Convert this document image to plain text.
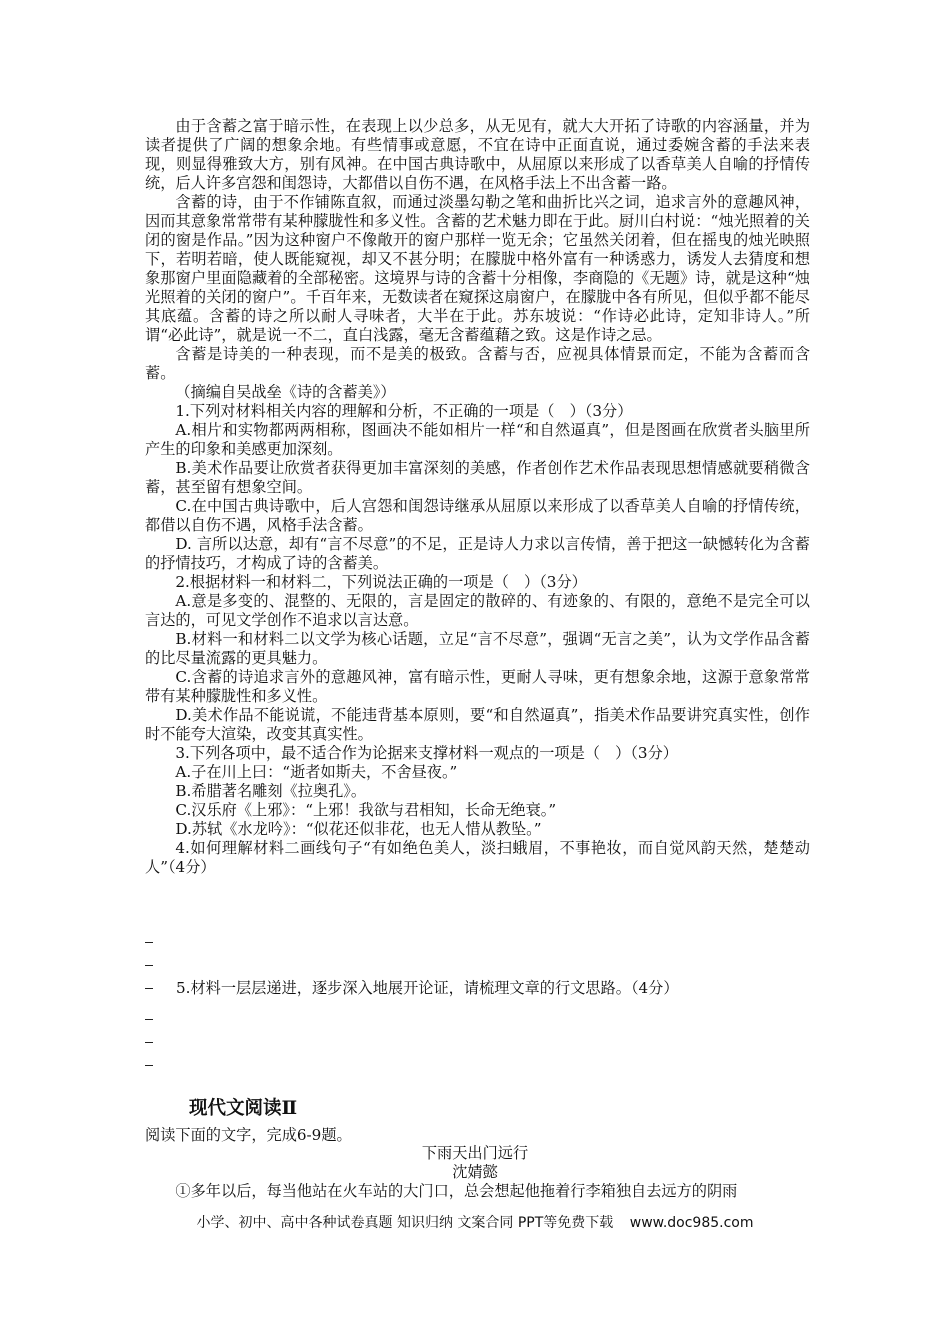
由于含蓄之富于暗示性，在表现上以少总多，从无见有，就大大开拓了诗歌的内容涵量，并为读者提供了广阔的想象余地。有些情事或意愿，不宜在诗中正面直说，通过委婉含蓄的手法来表现，则显得雅致大方，别有风神。在中国古典诗歌中，从屈原以来形成了以香草美人自喻的抒情传统，后人许多宫怨和闺怨诗，大都借以自伤不遇，在风格手法上不出含蓄一路。

含蓄的诗，由于不作铺陈直叙，而通过淡墨勾勒之笔和曲折比兴之词，追求言外的意趣风神，因而其意象常常带有某种朦胧性和多义性。含蓄的艺术魅力即在于此。厨川白村说：“烛光照着的关闭的窗是作品。”因为这种窗户不像敞开的窗户那样一览无余；它虽然关闭着，但在摇曳的烛光映照下，若明若暗，使人既能窥视，却又不甚分明；在朦胧中格外富有一种诱惑力，诱发人去猜度和想象那窗户里面隐藏着的全部秘密。这境界与诗的含蓄十分相像，李商隐的《无题》诗，就是这种“烛光照着的关闭的窗户”。千百年来，无数读者在窥探这扇窗户，在朦胧中各有所见，但似乎都不能尽其底蕴。含蓄的诗之所以耐人寻味者，大半在于此。苏东坡说：“作诗必此诗，定知非诗人。”所谓“必此诗”，就是说一不二，直白浅露，毫无含蓄蕴藉之致。这是作诗之忌。

含蓄是诗美的一种表现，而不是美的极致。含蓄与否，应视具体情景而定，不能为含蓄而含蓄。

（摘编自吴战垒《诗的含蓄美》）

1.下列对材料相关内容的理解和分析，不正确的一项是（　）（3分）

A.相片和实物都两两相称，图画决不能如相片一样“和自然逼真”，但是图画在欣赏者头脑里所产生的印象和美感更加深刻。

B.美术作品要让欣赏者获得更加丰富深刻的美感，作者创作艺术作品表现思想情感就要稍微含蓄，甚至留有想象空间。

C.在中国古典诗歌中，后人宫怨和闺怨诗继承从屈原以来形成了以香草美人自喻的抒情传统，都借以自伤不遇，风格手法含蓄。

D. 言所以达意，却有“言不尽意”的不足，正是诗人力求以言传情，善于把这一缺憾转化为含蓄的抒情技巧，才构成了诗的含蓄美。

2.根据材料一和材料二，下列说法正确的一项是（　）（3分）

A.意是多变的、混整的、无限的，言是固定的散碎的、有迹象的、有限的，意绝不是完全可以言达的，可见文学创作不追求以言达意。

B.材料一和材料二以文学为核心话题，立足“言不尽意”，强调“无言之美”，认为文学作品含蓄的比尽量流露的更具魅力。

C.含蓄的诗追求言外的意趣风神，富有暗示性，更耐人寻味，更有想象余地，这源于意象常常带有某种朦胧性和多义性。

D.美术作品不能说谎，不能违背基本原则，要“和自然逼真”，指美术作品要讲究真实性，创作时不能夸大渲染，改变其真实性。

3.下列各项中，最不适合作为论据来支撑材料一观点的一项是（　）（3分）

A.子在川上曰：“逝者如斯夫，不舍昼夜。”

B.希腊著名雕刻《拉奥孔》。

C.汉乐府《上邪》：“上邪！我欲与君相知，长命无绝衰。”

D.苏轼《水龙吟》：“似花还似非花，也无人惜从教坠。”

4.如何理解材料二画线句子“有如绝色美人，淡扫蛾眉，不事艳妆，而自觉风韵天然，楚楚动人”（4分）

5.材料一层层递进，逐步深入地展开论证，请梳理文章的行文思路。（4分）

现代文阅读Ⅱ
阅读下面的文字，完成6-9题。
下雨天出门远行
沈婧懿
①多年以后，每当他站在火车站的大门口，总会想起他拖着行李箱独自去远方的阴雨
小学、初中、高中各种试卷真题 知识归纳 文案合同 PPT等免费下载 www.doc985.com
